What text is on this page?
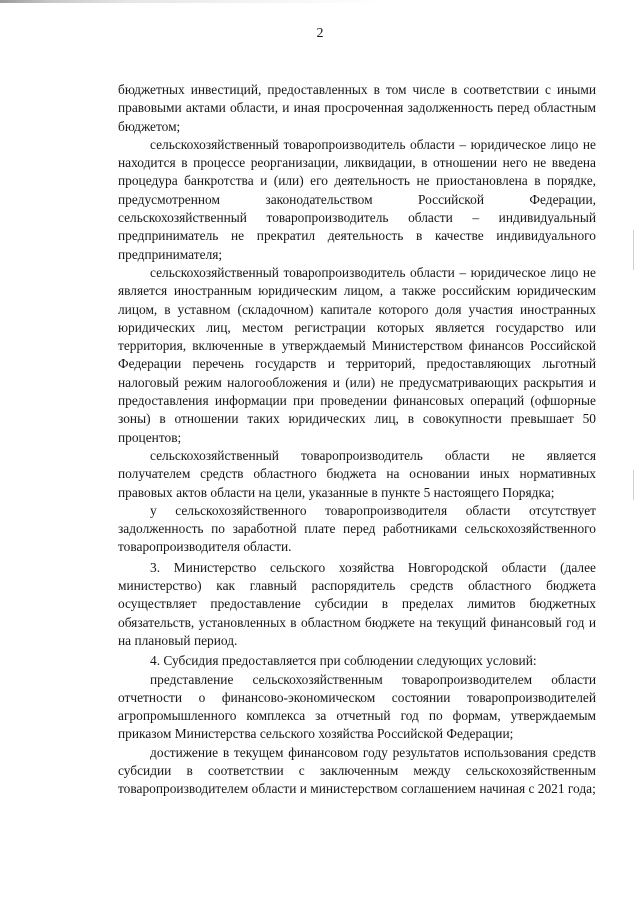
2

бюджетных инвестиций, предоставленных в том числе в соответствии с иными правовыми актами области, и иная просроченная задолженность перед областным бюджетом;

сельскохозяйственный товаропроизводитель области – юридическое лицо не находится в процессе реорганизации, ликвидации, в отношении него не введена процедура банкротства и (или) его деятельность не приостановлена в порядке, предусмотренном законодательством Российской Федерации, сельскохозяйственный товаропроизводитель области – индивидуальный предприниматель не прекратил деятельность в качестве индивидуального предпринимателя;

сельскохозяйственный товаропроизводитель области – юридическое лицо не является иностранным юридическим лицом, а также российским юридическим лицом, в уставном (складочном) капитале которого доля участия иностранных юридических лиц, местом регистрации которых является государство или территория, включенные в утверждаемый Министерством финансов Российской Федерации перечень государств и территорий, предоставляющих льготный налоговый режим налогообложения и (или) не предусматривающих раскрытия и предоставления информации при проведении финансовых операций (офшорные зоны) в отношении таких юридических лиц, в совокупности превышает 50 процентов;

сельскохозяйственный товаропроизводитель области не является получателем средств областного бюджета на основании иных нормативных правовых актов области на цели, указанные в пункте 5 настоящего Порядка;

у сельскохозяйственного товаропроизводителя области отсутствует задолженность по заработной плате перед работниками сельскохозяйственного товаропроизводителя области.

3. Министерство сельского хозяйства Новгородской области (далее министерство) как главный распорядитель средств областного бюджета осуществляет предоставление субсидии в пределах лимитов бюджетных обязательств, установленных в областном бюджете на текущий финансовый год и на плановый период.

4. Субсидия предоставляется при соблюдении следующих условий:

представление сельскохозяйственным товаропроизводителем области отчетности о финансово-экономическом состоянии товаропроизводителей агропромышленного комплекса за отчетный год по формам, утверждаемым приказом Министерства сельского хозяйства Российской Федерации;

достижение в текущем финансовом году результатов использования средств субсидии в соответствии с заключенным между сельскохозяйственным товаропроизводителем области и министерством соглашением начиная с 2021 года;
